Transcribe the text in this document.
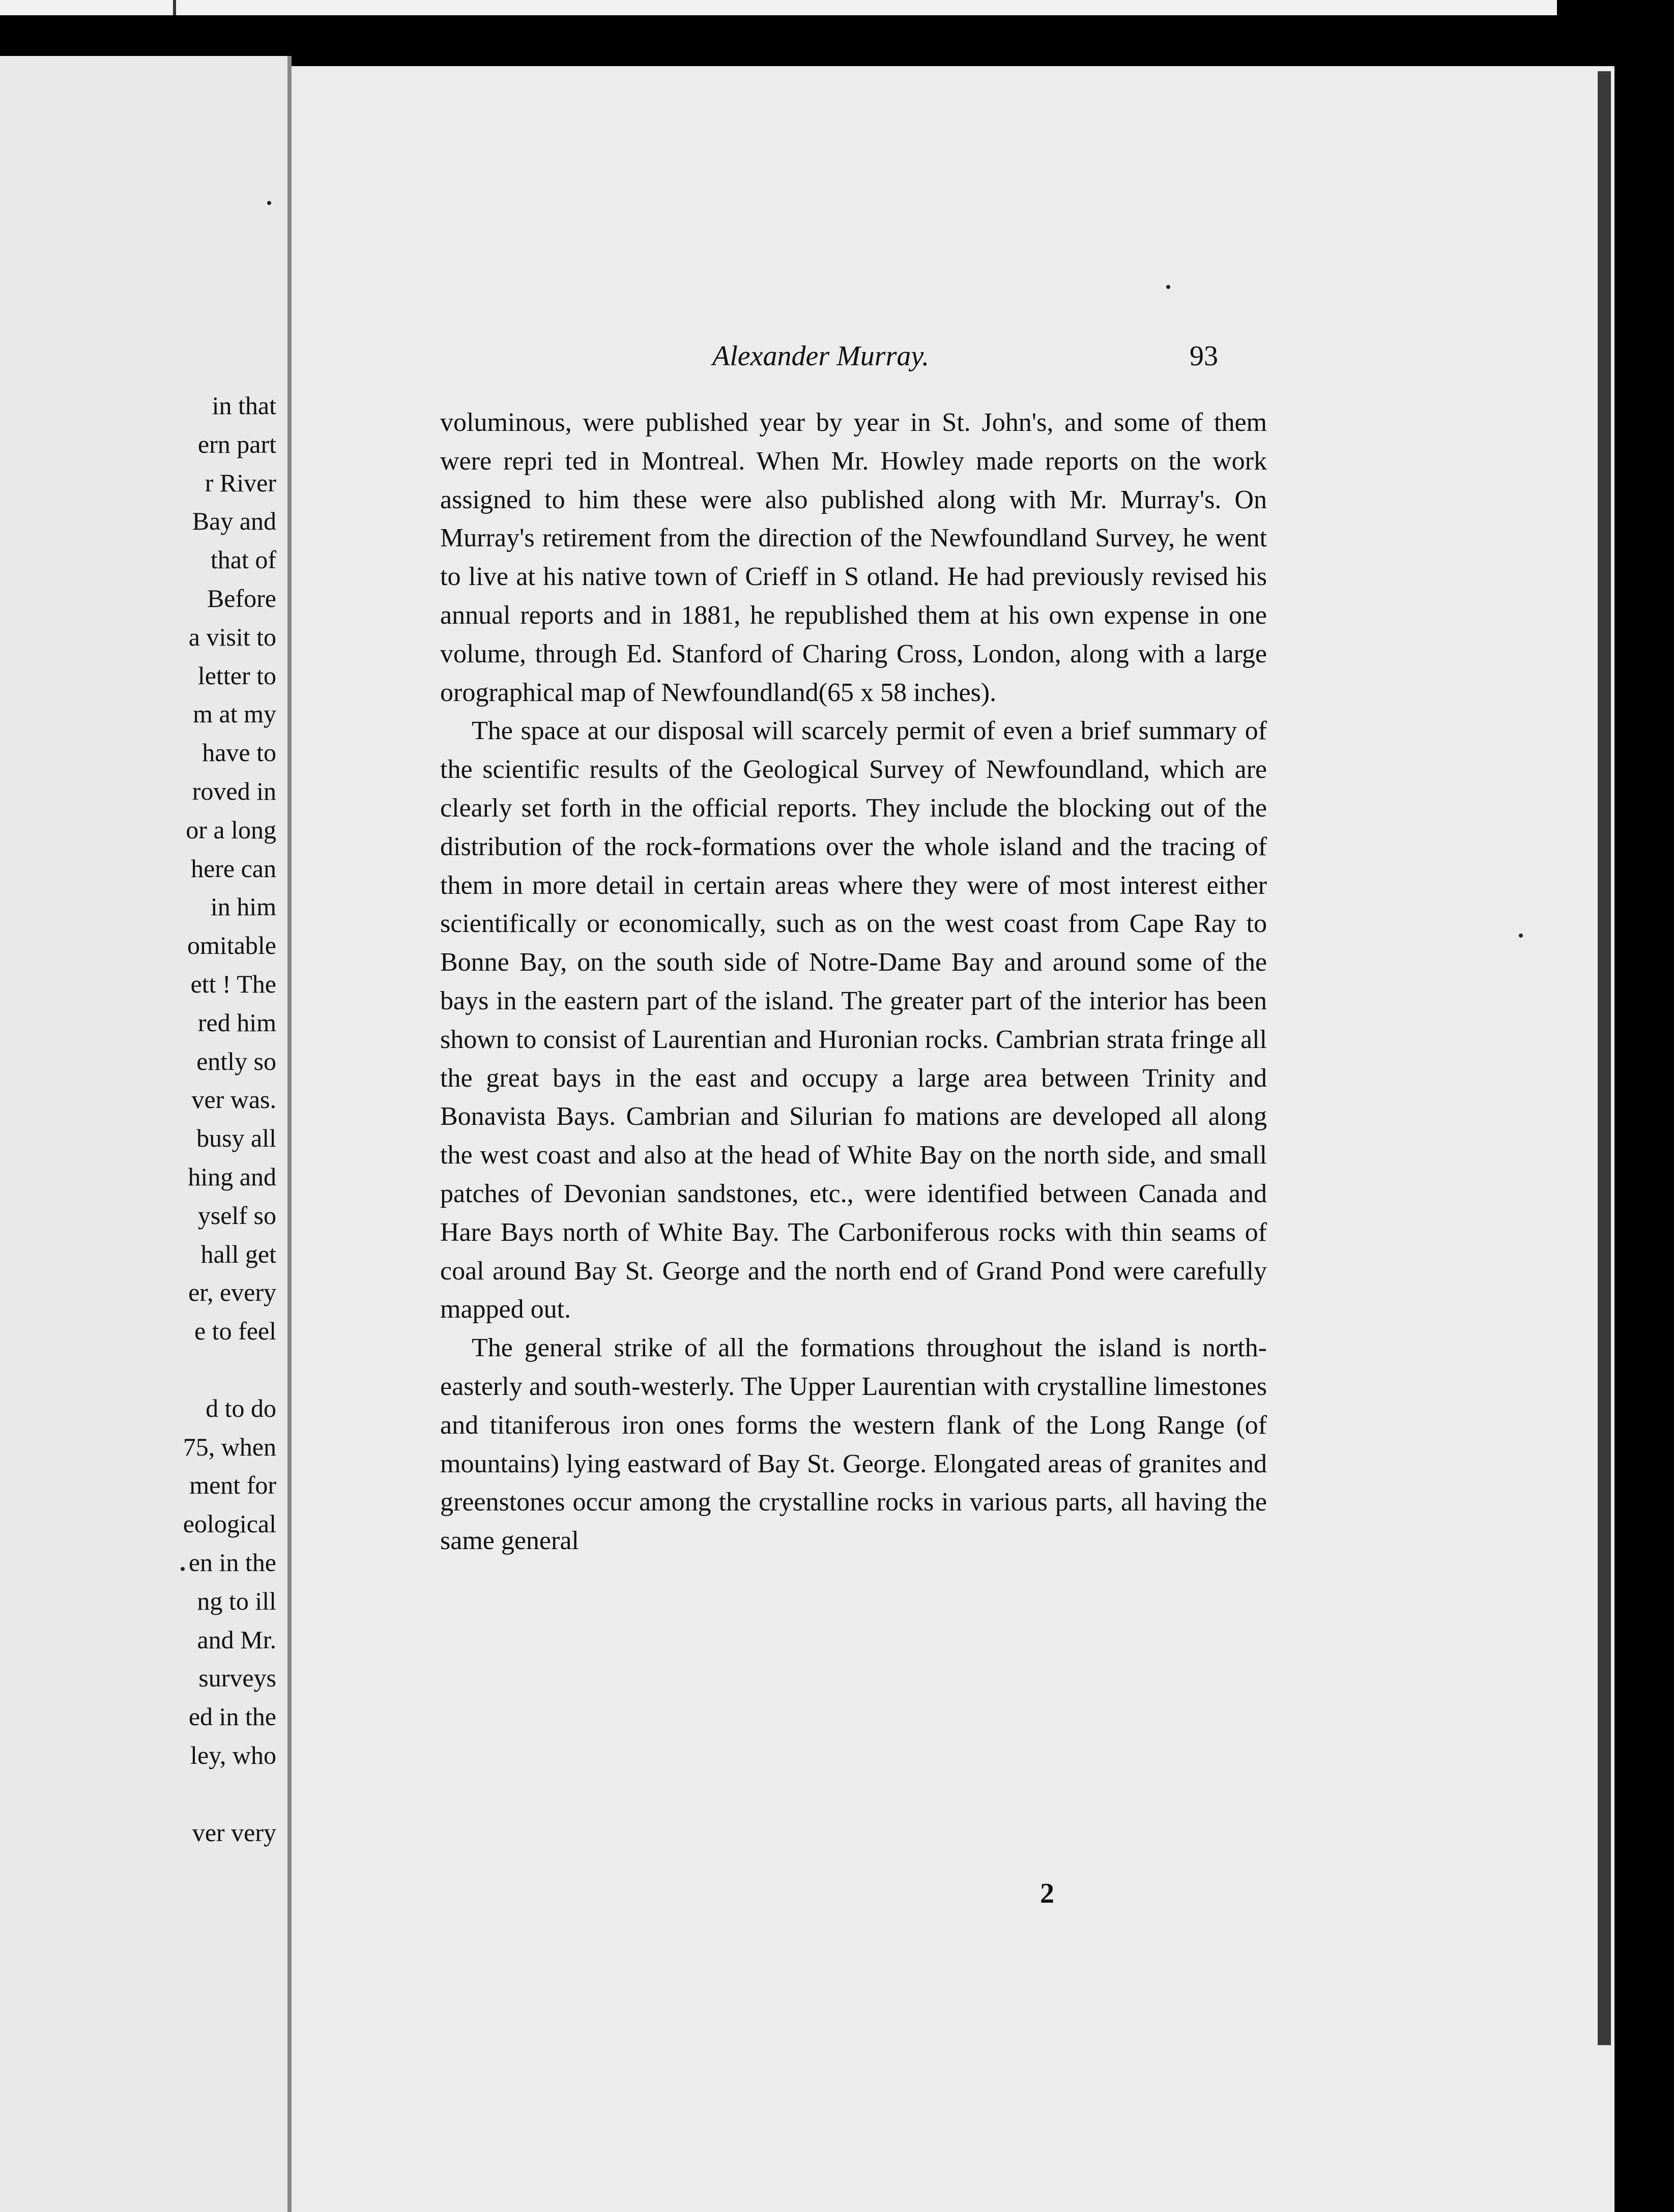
in that
ern part
r River
Bay and
that of
Before
a visit to
letter to
m at my
have to
roved in
or a long
here can
in him
omitable
ett ! The
red him
ently so
ver was.
busy all
hing and
yself so
hall get
er, every
e to feel
d to do
75, when
ment for
eological
en in the
ng to ill
and Mr.
surveys
ed in the
ley, who
ver very
Alexander Murray.	93

voluminous, were published year by year in St. John's, and some of them were repri ted in Montreal. When Mr. Howley made reports on the work assigned to him these were also published along with Mr. Murray's. On Murray's retirement from the direction of the Newfoundland Survey, he went to live at his native town of Crieff in S otland. He had previously revised his annual reports and in 1881, he republished them at his own expense in one volume, through Ed. Stanford of Charing Cross, London, along with a large orographical map of Newfoundland(65 x 58 inches).

The space at our disposal will scarcely permit of even a brief summary of the scientific results of the Geological Survey of Newfoundland, which are clearly set forth in the official reports. They include the blocking out of the distribution of the rock-formations over the whole island and the tracing of them in more detail in certain areas where they were of most interest either scientifically or economically, such as on the west coast from Cape Ray to Bonne Bay, on the south side of Notre-Dame Bay and around some of the bays in the eastern part of the island. The greater part of the interior has been shown to consist of Laurentian and Huronian rocks. Cambrian strata fringe all the great bays in the east and occupy a large area between Trinity and Bonavista Bays. Cambrian and Silurian fo mations are developed all along the west coast and also at the head of White Bay on the north side, and small patches of Devonian sandstones, etc., were identified between Canada and Hare Bays north of White Bay. The Carboniferous rocks with thin seams of coal around Bay St. George and the north end of Grand Pond were carefully mapped out.

The general strike of all the formations throughout the island is north-easterly and south-westerly. The Upper Laurentian with crystalline limestones and titaniferous iron ones forms the western flank of the Long Range (of mountains) lying eastward of Bay St. George. Elongated areas of granites and greenstones occur among the crystalline rocks in various parts, all having the same general

2
